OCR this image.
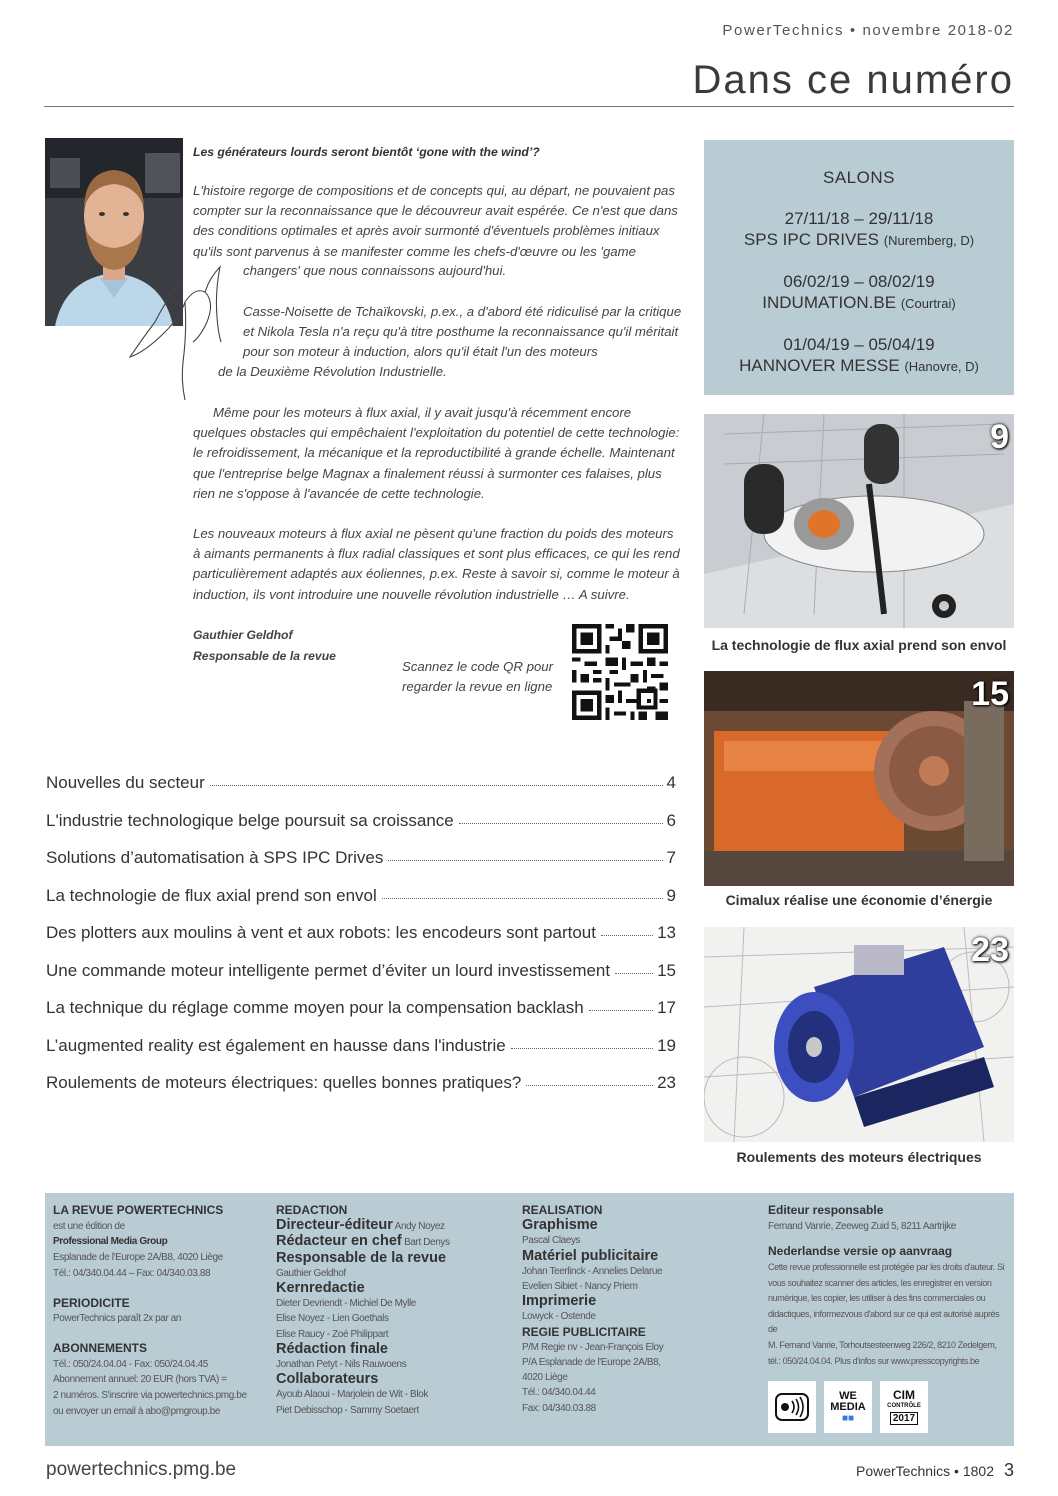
PowerTechnics • novembre 2018-02
Dans ce numéro
Les générateurs lourds seront bientôt ‘gone with the wind’?
L'histoire regorge de compositions et de concepts qui, au départ, ne pouvaient pas compter sur la reconnaissance que le découvreur avait espérée. Ce n'est que dans des conditions optimales et après avoir surmonté d'éventuels problèmes initiaux qu'ils sont parvenus à se manifester comme les chefs-d'œuvre ou les 'game
changers' que nous connaissons aujourd'hui.
Casse-Noisette de Tchaïkovski, p.ex., a d'abord été ridiculisé par la critique et Nikola Tesla n'a reçu qu'à titre posthume la reconnaissance qu'il méritait pour son moteur à induction, alors qu'il était l'un des moteurs
de la Deuxième Révolution Industrielle.
Même pour les moteurs à flux axial, il y avait jusqu'à récemment encore quelques obstacles qui empêchaient l'exploitation du potentiel de cette technologie: le refroidissement, la mécanique et la reproductibilité à grande échelle. Maintenant que l'entreprise belge Magnax a finalement réussi à surmonter ces falaises, plus rien ne s'oppose à l'avancée de cette technologie.
Les nouveaux moteurs à flux axial ne pèsent qu'une fraction du poids des moteurs à aimants permanents à flux radial classiques et sont plus efficaces, ce qui les rend particulièrement adaptés aux éoliennes, p.ex. Reste à savoir si, comme le moteur à induction, ils vont introduire une nouvelle révolution industrielle … A suivre.
Gauthier Geldhof
Responsable de la revue
Scannez le code QR pour regarder la revue en ligne
SALONS
27/11/18 – 29/11/18
SPS IPC DRIVES (Nuremberg, D)
06/02/19 – 08/02/19
INDUMATION.BE (Courtrai)
01/04/19 – 05/04/19
HANNOVER MESSE (Hanovre, D)
9
La technologie de flux axial prend son envol
15
Cimalux réalise une économie d’énergie
23
Roulements des moteurs électriques
Nouvelles du secteur	4
L'industrie technologique belge poursuit sa croissance	6
Solutions d’automatisation à SPS IPC Drives	7
La technologie de flux axial prend son envol	9
Des plotters aux moulins à vent et aux robots: les encodeurs sont partout	13
Une commande moteur intelligente permet d’éviter un lourd investissement	15
La technique du réglage comme moyen pour la compensation backlash	17
L’augmented reality est également en hausse dans l'industrie	19
Roulements de moteurs électriques: quelles bonnes pratiques?	23
LA REVUE POWERTECHNICS
est une édition de
Professional Media Group
Esplanade de l'Europe 2A/B8, 4020 Liège
Tél.: 04/340.04.44 – Fax: 04/340.03.88
PERIODICITE
PowerTechnics paraît 2x par an
ABONNEMENTS
Tél.: 050/24.04.04 - Fax: 050/24.04.45
Abonnement annuel: 20 EUR (hors TVA) =
2 numéros. S'inscrire via powertechnics.pmg.be
ou envoyer un email à abo@pmgroup.be
REDACTION
Directeur-éditeur Andy Noyez
Rédacteur en chef Bart Denys
Responsable de la revue
Gauthier Geldhof
Kernredactie
Dieter Devriendt - Michiel De Mylle
Elise Noyez - Lien Goethals
Elise Raucy - Zoé Philippart
Rédaction finale
Jonathan Petyt - Nils Rauwoens
Collaborateurs
Ayoub Alaoui - Marjolein de Wit - Blok
Piet Debisschop - Sammy Soetaert
REALISATION
Graphisme
Pascal Claeys
Matériel publicitaire
Johan Teerlinck - Annelies Delarue
Evelien Sibiet - Nancy Priem
Imprimerie
Lowyck - Ostende
REGIE PUBLICITAIRE
P/M Regie nv - Jean-François Eloy
P/A Esplanade de l'Europe 2A/B8,
4020 Liège
Tél.: 04/340.04.44
Fax: 04/340.03.88
Editeur responsable
Fernand Vanrie, Zeeweg Zuid 5, 8211 Aartrijke
Nederlandse versie op aanvraag
Cette revue professionnelle est protégée par les droits d'auteur. Si
vous souhaitez scanner des articles, les enregistrer en version
numérique, les copier, les utiliser à des fins commerciales ou
didactiques, informezvous d'abord sur ce qui est autorisé auprès de
M. Fernand Vanrie, Torhoutsesteenweg 226/2, 8210 Zedelgem,
tél.: 050/24.04.04. Plus d'infos sur www.presscopyrights.be
WE
MEDIA
■■
CIM
CONTRÔLE
2017
powertechnics.pmg.be	PowerTechnics • 1802 3
